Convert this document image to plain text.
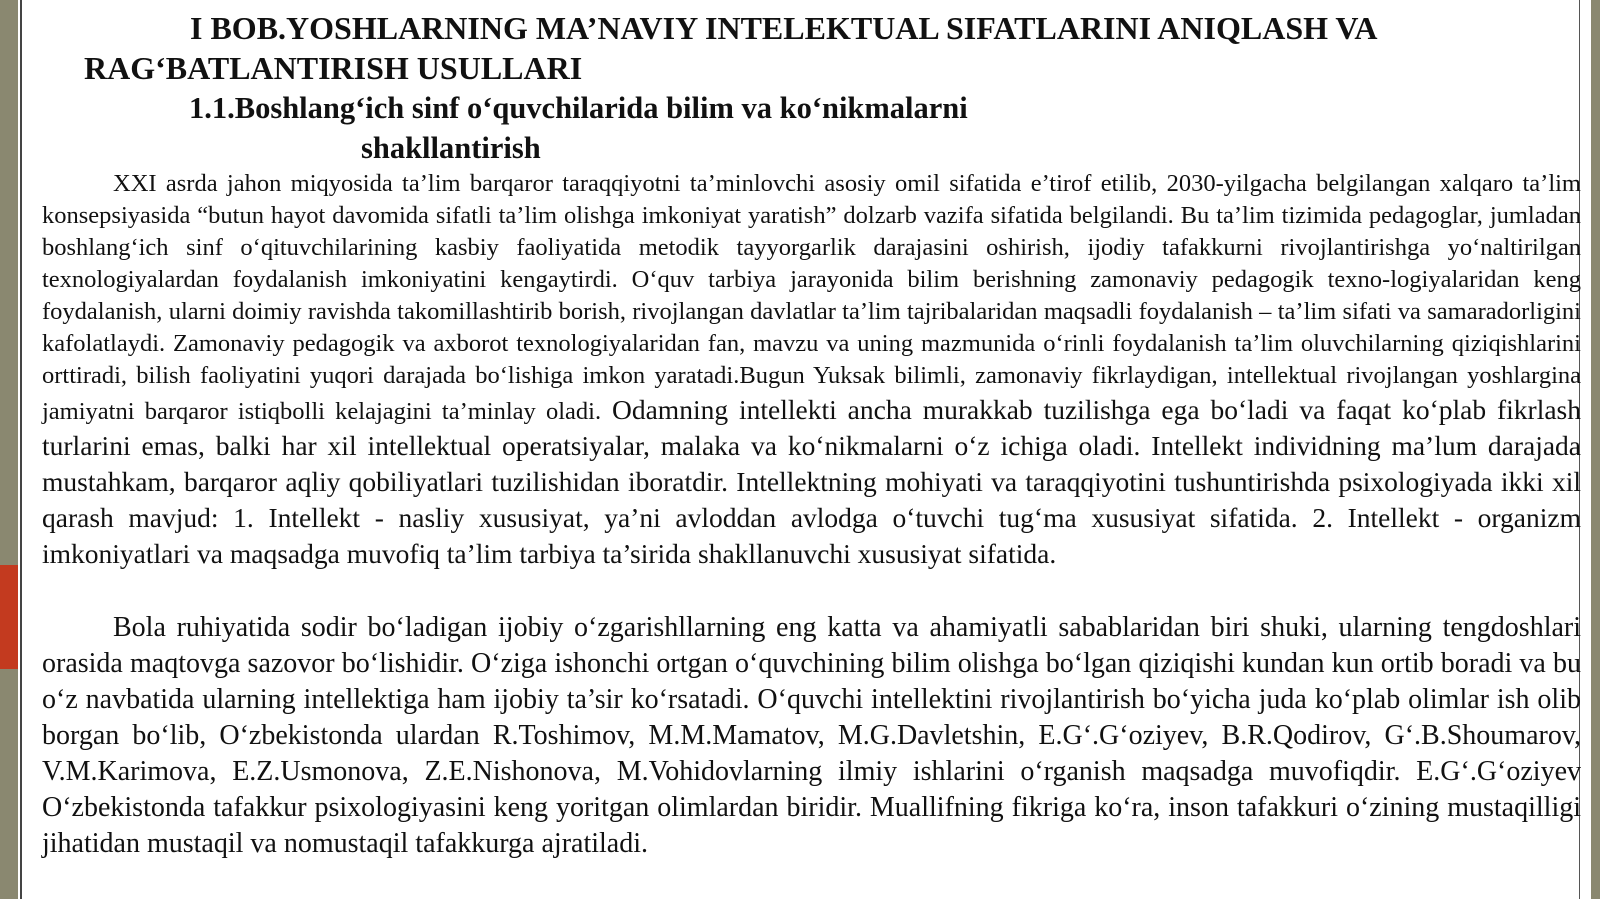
I BOB.YOSHLARNING MA’NAVIY INTELEKTUAL SIFATLARINI ANIQLASH VA
RAG‘BATLANTIRISH USULLARI
1.1.Boshlang‘ich sinf o‘quvchilarida bilim va ko‘nikmalarni
shakllantirish
XXI asrda jahon miqyosida ta’lim barqaror taraqqiyotni ta’minlovchi asosiy omil sifatida e’tirof etilib, 2030-yilgacha belgilangan xalqaro ta’lim konsepsiyasida “butun hayot davomida sifatli ta’lim olishga imkoniyat yaratish” dolzarb vazifa sifatida belgilandi. Bu ta’lim tizimida pedagoglar, jumladan boshlang‘ich sinf o‘qituvchilarining kasbiy faoliyatida metodik tayyorgarlik darajasini oshirish, ijodiy tafakkurni rivojlantirishga yo‘naltirilgan texnologiyalardan foydalanish imkoniyatini kengaytirdi. O‘quv tarbiya jarayonida bilim berishning zamonaviy pedagogik texno-logiyalaridan keng foydalanish, ularni doimiy ravishda takomillashtirib borish, rivojlangan davlatlar ta’lim tajribalaridan maqsadli foydalanish – ta’lim sifati va samaradorligini kafolatlaydi. Zamonaviy pedagogik va axborot texnologiyalaridan fan, mavzu va uning mazmunida o‘rinli foydalanish ta’lim oluvchilarning qiziqishlarini orttiradi, bilish faoliyatini yuqori darajada bo‘lishiga imkon yaratadi.Bugun Yuksak bilimli, zamonaviy fikrlaydigan, intellektual rivojlangan yoshlargina jamiyatni barqaror istiqbolli kelajagini ta’minlay oladi. Odamning intellekti ancha murakkab tuzilishga ega bo‘ladi va faqat ko‘plab fikrlash turlarini emas, balki har xil intellektual operatsiyalar, malaka va ko‘nikmalarni o‘z ichiga oladi. Intellekt individning ma’lum darajada mustahkam, barqaror aqliy qobiliyatlari tuzilishidan iboratdir. Intellektning mohiyati va taraqqiyotini tushuntirishda psixologiyada ikki xil qarash mavjud: 1. Intellekt - nasliy xususiyat, ya’ni avloddan avlodga o‘tuvchi tug‘ma xususiyat sifatida. 2. Intellekt - organizm imkoniyatlari va maqsadga muvofiq ta’lim tarbiya ta’sirida shakllanuvchi xususiyat sifatida.
Bola ruhiyatida sodir bo‘ladigan ijobiy o‘zgarishllarning eng katta va ahamiyatli sabablaridan biri shuki, ularning tengdoshlari orasida maqtovga sazovor bo‘lishidir. O‘ziga ishonchi ortgan o‘quvchining bilim olishga bo‘lgan qiziqishi kundan kun ortib boradi va bu o‘z navbatida ularning intellektiga ham ijobiy ta’sir ko‘rsatadi. O‘quvchi intellektini rivojlantirish bo‘yicha juda ko‘plab olimlar ish olib borgan bo‘lib, O‘zbekistonda ulardan R.Toshimov, M.M.Mamatov, M.G.Davletshin, E.G‘.G‘oziyev, B.R.Qodirov, G‘.B.Shoumarov, V.M.Karimova, E.Z.Usmonova, Z.E.Nishonova, M.Vohidovlarning ilmiy ishlarini o‘rganish maqsadga muvofiqdir. E.G‘.G‘oziyev O‘zbekistonda tafakkur psixologiyasini keng yoritgan olimlardan biridir. Muallifning fikriga ko‘ra, inson tafakkuri o‘zining mustaqilligi jihatidan mustaqil va nomustaqil tafakkurga ajratiladi.
